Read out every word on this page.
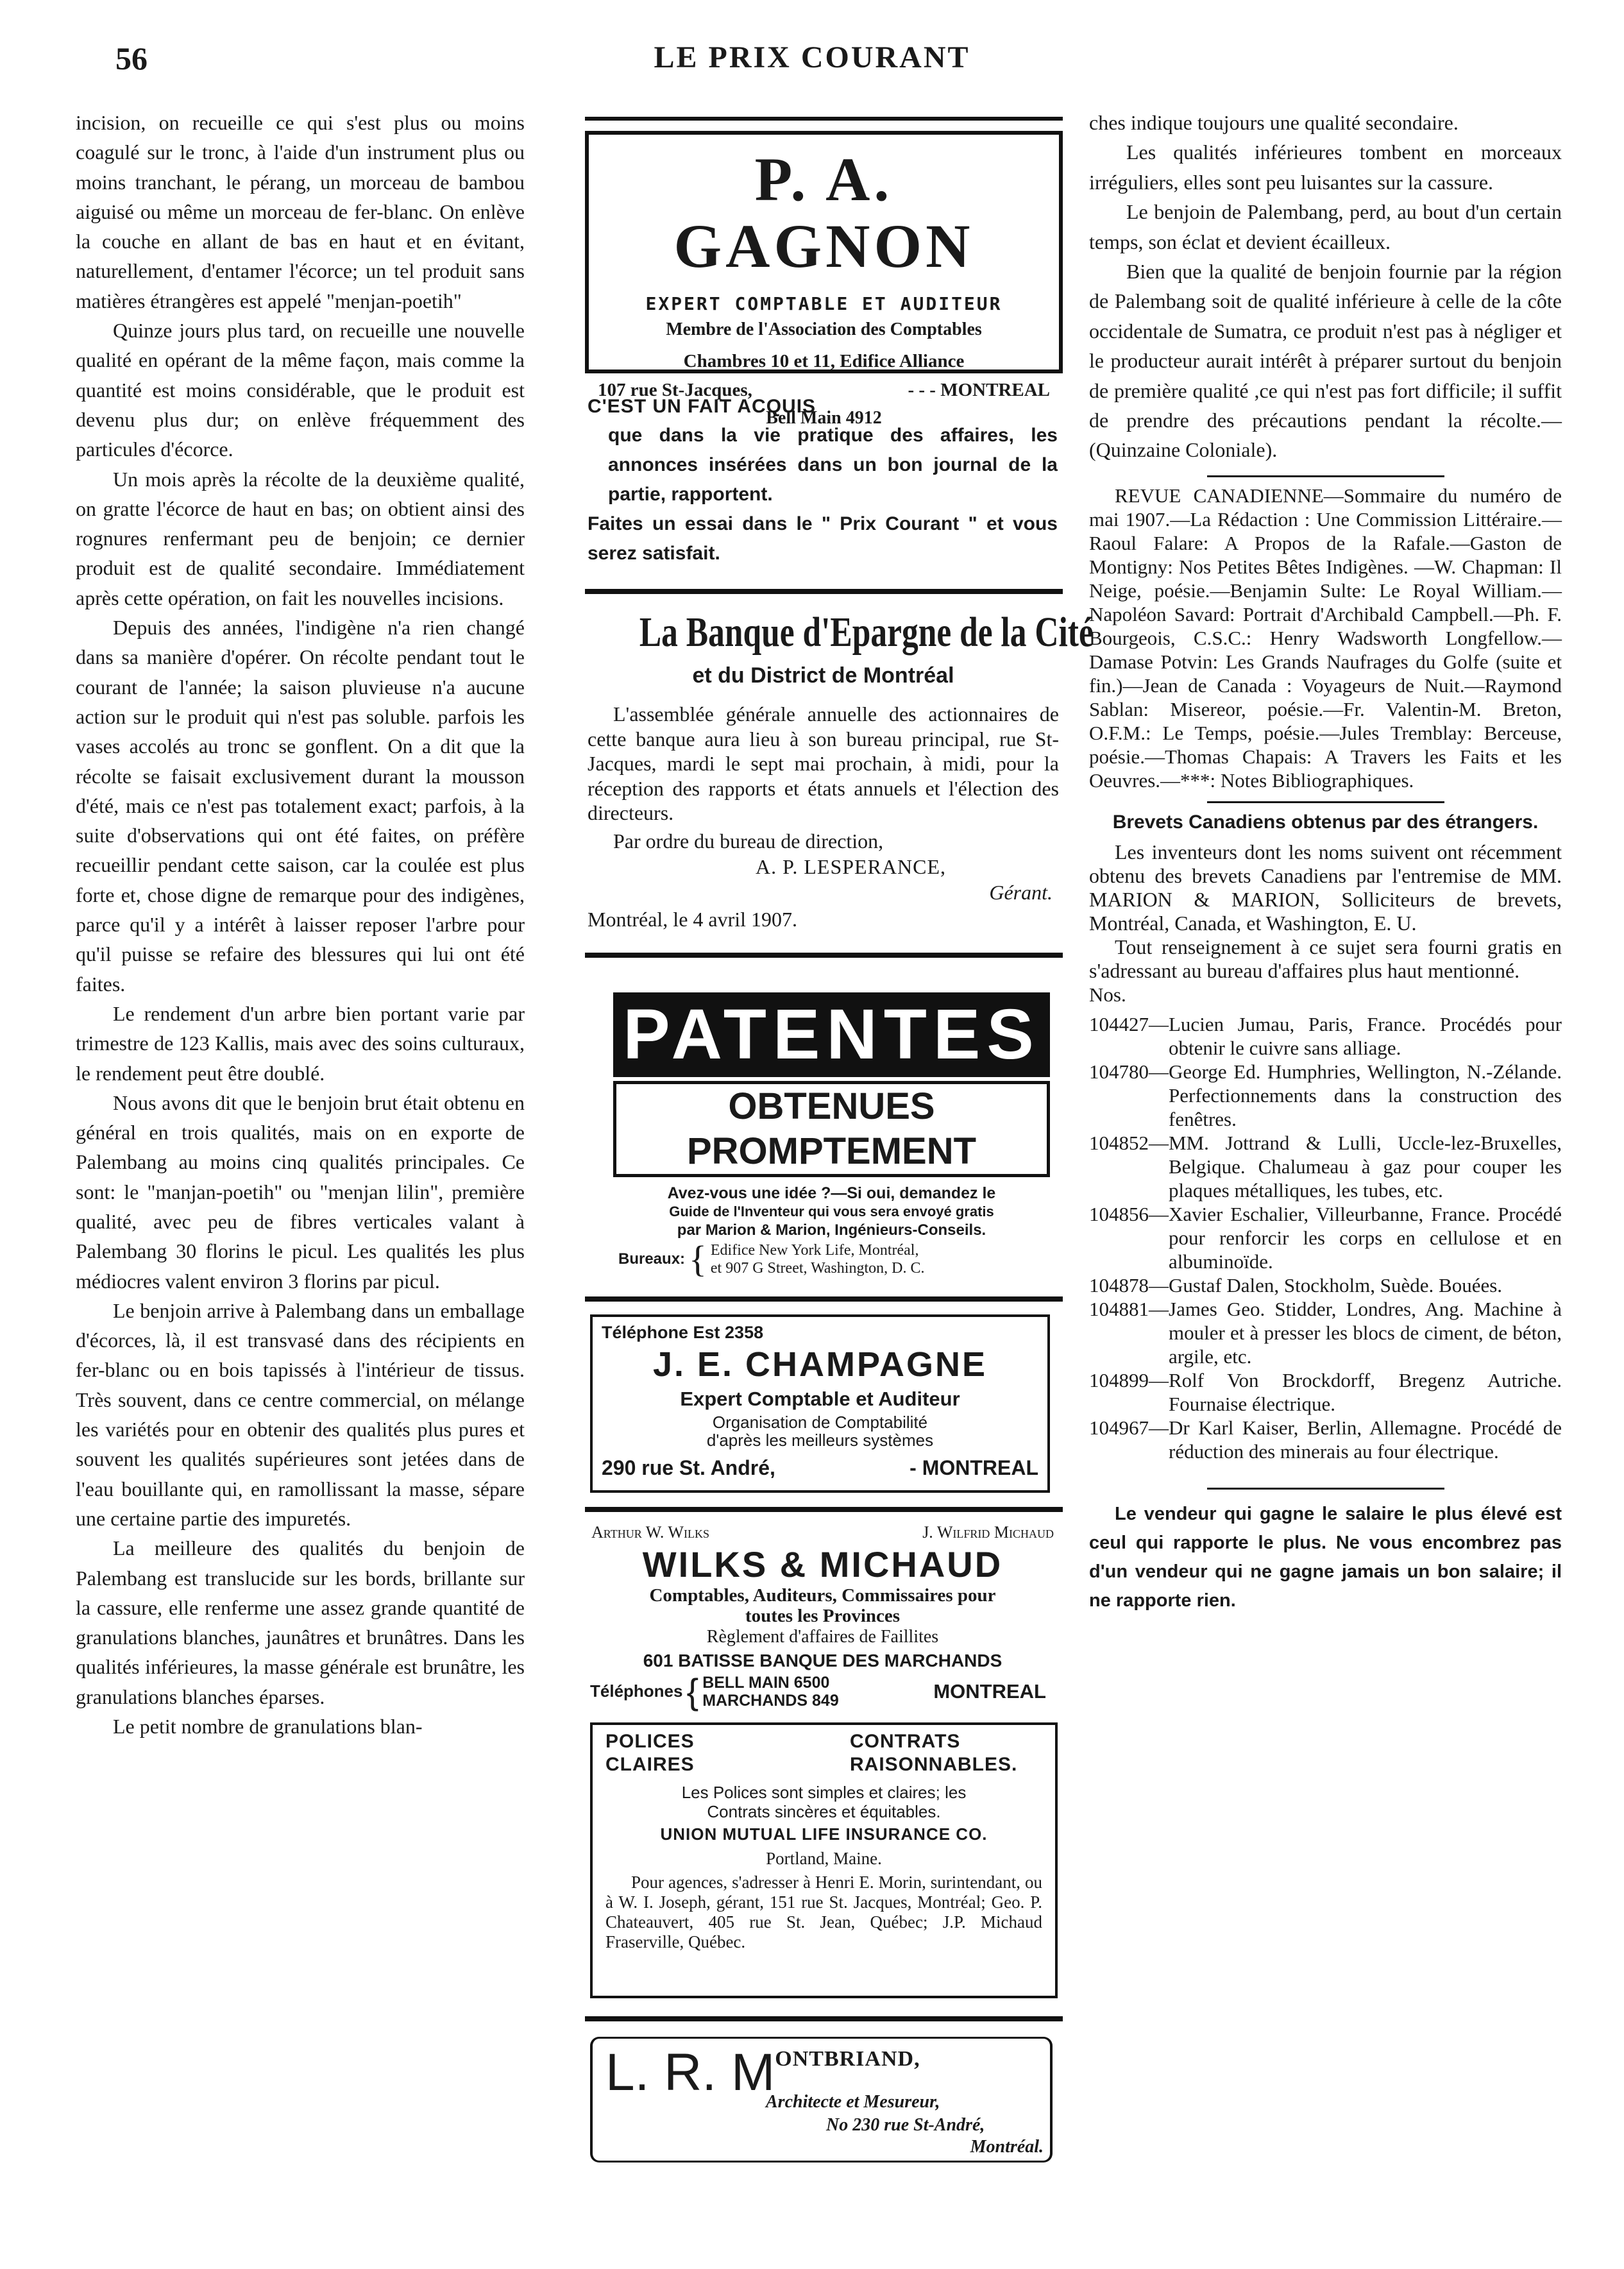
56	LE PRIX COURANT

incision, on recueille ce qui s'est plus ou moins coagulé sur le tronc, à l'aide d'un instrument plus ou moins tranchant, le pérang, un morceau de bambou aiguisé ou même un morceau de fer-blanc. On enlève la couche en allant de bas en haut et en évitant, naturellement, d'entamer l'écorce; un tel produit sans matières étrangères est appelé "menjan-poetih"

Quinze jours plus tard, on recueille une nouvelle qualité en opérant de la même façon, mais comme la quantité est moins considérable, que le produit est devenu plus dur; on enlève fréquemment des particules d'écorce.

Un mois après la récolte de la deuxième qualité, on gratte l'écorce de haut en bas; on obtient ainsi des rognures renfermant peu de benjoin; ce dernier produit est de qualité secondaire. Immédiatement après cette opération, on fait les nouvelles incisions.

Depuis des années, l'indigène n'a rien changé dans sa manière d'opérer. On récolte pendant tout le courant de l'année; la saison pluvieuse n'a aucune action sur le produit qui n'est pas soluble. parfois les vases accolés au tronc se gonflent. On a dit que la récolte se faisait exclusivement durant la mousson d'été, mais ce n'est pas totalement exact; parfois, à la suite d'observations qui ont été faites, on préfère recueillir pendant cette saison, car la coulée est plus forte et, chose digne de remarque pour des indigènes, parce qu'il y a intérêt à laisser reposer l'arbre pour qu'il puisse se refaire des blessures qui lui ont été faites.

Le rendement d'un arbre bien portant varie par trimestre de 123 Kallis, mais avec des soins culturaux, le rendement peut être doublé.

Nous avons dit que le benjoin brut était obtenu en général en trois qualités, mais on en exporte de Palembang au moins cinq qualités principales. Ce sont: le "manjan-poetih" ou "menjan lilin", première qualité, avec peu de fibres verticales valant à Palembang 30 florins le picul. Les qualités les plus médiocres valent environ 3 florins par picul.

Le benjoin arrive à Palembang dans un emballage d'écorces, là, il est transvasé dans des récipients en fer-blanc ou en bois tapissés à l'intérieur de tissus. Très souvent, dans ce centre commercial, on mélange les variétés pour en obtenir des qualités plus pures et souvent les qualités supérieures sont jetées dans de l'eau bouillante qui, en ramollissant la masse, sépare une certaine partie des impuretés.

La meilleure des qualités du benjoin de Palembang est translucide sur les bords, brillante sur la cassure, elle renferme une assez grande quantité de granulations blanches, jaunâtres et brunâtres. Dans les qualités inférieures, la masse générale est brunâtre, les granulations blanches éparses.

Le petit nombre de granulations blan-

P. A. GAGNON
EXPERT COMPTABLE ET AUDITEUR
Membre de l'Association des Comptables
Chambres 10 et 11, Edifice Alliance
107 rue St-Jacques,	- - - MONTREAL
Bell Main 4912
C'EST UN FAIT ACQUIS
que dans la vie pratique des affaires, les annonces insérées dans un bon journal de la partie, rapportent.
Faites un essai dans le " Prix Courant " et vous serez satisfait.
La Banque d'Epargne de la Cité
et du District de Montréal

L'assemblée générale annuelle des actionnaires de cette banque aura lieu à son bureau principal, rue St-Jacques, mardi le sept mai prochain, à midi, pour la réception des rapports et états annuels et l'élection des directeurs.

Par ordre du bureau de direction,

A. P. LESPERANCE,

Gérant.

Montréal, le 4 avril 1907.

PATENTES
OBTENUES PROMPTEMENT
Avez-vous une idée ?—Si oui, demandez le
Guide de l'Inventeur qui vous sera envoyé gratis
par Marion & Marion, Ingénieurs-Conseils.
Bureaux: { Edifice New York Life, Montréal,
et 907 G Street, Washington, D. C.
Téléphone Est 2358
J. E. CHAMPAGNE
Expert Comptable et Auditeur
Organisation de Comptabilité
d'après les meilleurs systèmes
290 rue St. André,	- MONTREAL
Arthur W. Wilks	J. Wilfrid Michaud
WILKS & MICHAUD
Comptables, Auditeurs, Commissaires pour
toutes les Provinces
Règlement d'affaires de Faillites
601 BATISSE BANQUE DES MARCHANDS
Téléphones { BELL MAIN 6500
MARCHANDS 849	MONTREAL
POLICES	CONTRATS
CLAIRES	RAISONNABLES.
Les Polices sont simples et claires; les
Contrats sincères et équitables.
UNION MUTUAL LIFE INSURANCE CO.
Portland, Maine.
Pour agences, s'adresser à Henri E. Morin, surintendant, ou à W. I. Joseph, gérant, 151 rue St. Jacques, Montréal; Geo. P. Chateauvert, 405 rue St. Jean, Québec; J.P. Michaud Fraserville, Québec.
L. R. M ONTBRIAND,
Architecte et Mesureur,
No 230 rue St-André,
Montréal.

ches indique toujours une qualité secondaire.

Les qualités inférieures tombent en morceaux irréguliers, elles sont peu luisantes sur la cassure.

Le benjoin de Palembang, perd, au bout d'un certain temps, son éclat et devient écailleux.

Bien que la qualité de benjoin fournie par la région de Palembang soit de qualité inférieure à celle de la côte occidentale de Sumatra, ce produit n'est pas à négliger et le producteur aurait intérêt à préparer surtout du benjoin de première qualité ,ce qui n'est pas fort difficile; il suffit de prendre des précautions pendant la récolte.—(Quinzaine Coloniale).

REVUE CANADIENNE—Sommaire du numéro de mai 1907.—La Rédaction : Une Commission Littéraire.—Raoul Falare: A Propos de la Rafale.—Gaston de Montigny: Nos Petites Bêtes Indigènes. —W. Chapman: Il Neige, poésie.—Benjamin Sulte: Le Royal William.—Napoléon Savard: Portrait d'Archibald Campbell.—Ph. F. Bourgeois, C.S.C.: Henry Wadsworth Longfellow.—Damase Potvin: Les Grands Naufrages du Golfe (suite et fin.)—Jean de Canada : Voyageurs de Nuit.—Raymond Sablan: Misereor, poésie.—Fr. Valentin-M. Breton, O.F.M.: Le Temps, poésie.—Jules Tremblay: Berceuse, poésie.—Thomas Chapais: A Travers les Faits et les Oeuvres.—***: Notes Bibliographiques.

Brevets Canadiens obtenus par des étrangers.

Les inventeurs dont les noms suivent ont récemment obtenu des brevets Canadiens par l'entremise de MM. MARION & MARION, Solliciteurs de brevets, Montréal, Canada, et Washington, E. U.

Tout renseignement à ce sujet sera fourni gratis en s'adressant au bureau d'affaires plus haut mentionné.

Nos.

104427— Lucien Jumau, Paris, France. Procédés pour obtenir le cuivre sans alliage.
104780— George Ed. Humphries, Wellington, N.-Zélande. Perfectionnements dans la construction des fenêtres.
104852— MM. Jottrand & Lulli, Uccle-lez-Bruxelles, Belgique. Chalumeau à gaz pour couper les plaques métalliques, les tubes, etc.
104856— Xavier Eschalier, Villeurbanne, France. Procédé pour renforcir les corps en cellulose et en albuminoïde.
104878— Gustaf Dalen, Stockholm, Suède. Bouées.
104881— James Geo. Stidder, Londres, Ang. Machine à mouler et à presser les blocs de ciment, de béton, argile, etc.
104899— Rolf Von Brockdorff, Bregenz Autriche. Fournaise électrique.
104967— Dr Karl Kaiser, Berlin, Allemagne. Procédé de réduction des minerais au four électrique.

Le vendeur qui gagne le salaire le plus élevé est ceul qui rapporte le plus. Ne vous encombrez pas d'un vendeur qui ne gagne jamais un bon salaire; il ne rapporte rien.
